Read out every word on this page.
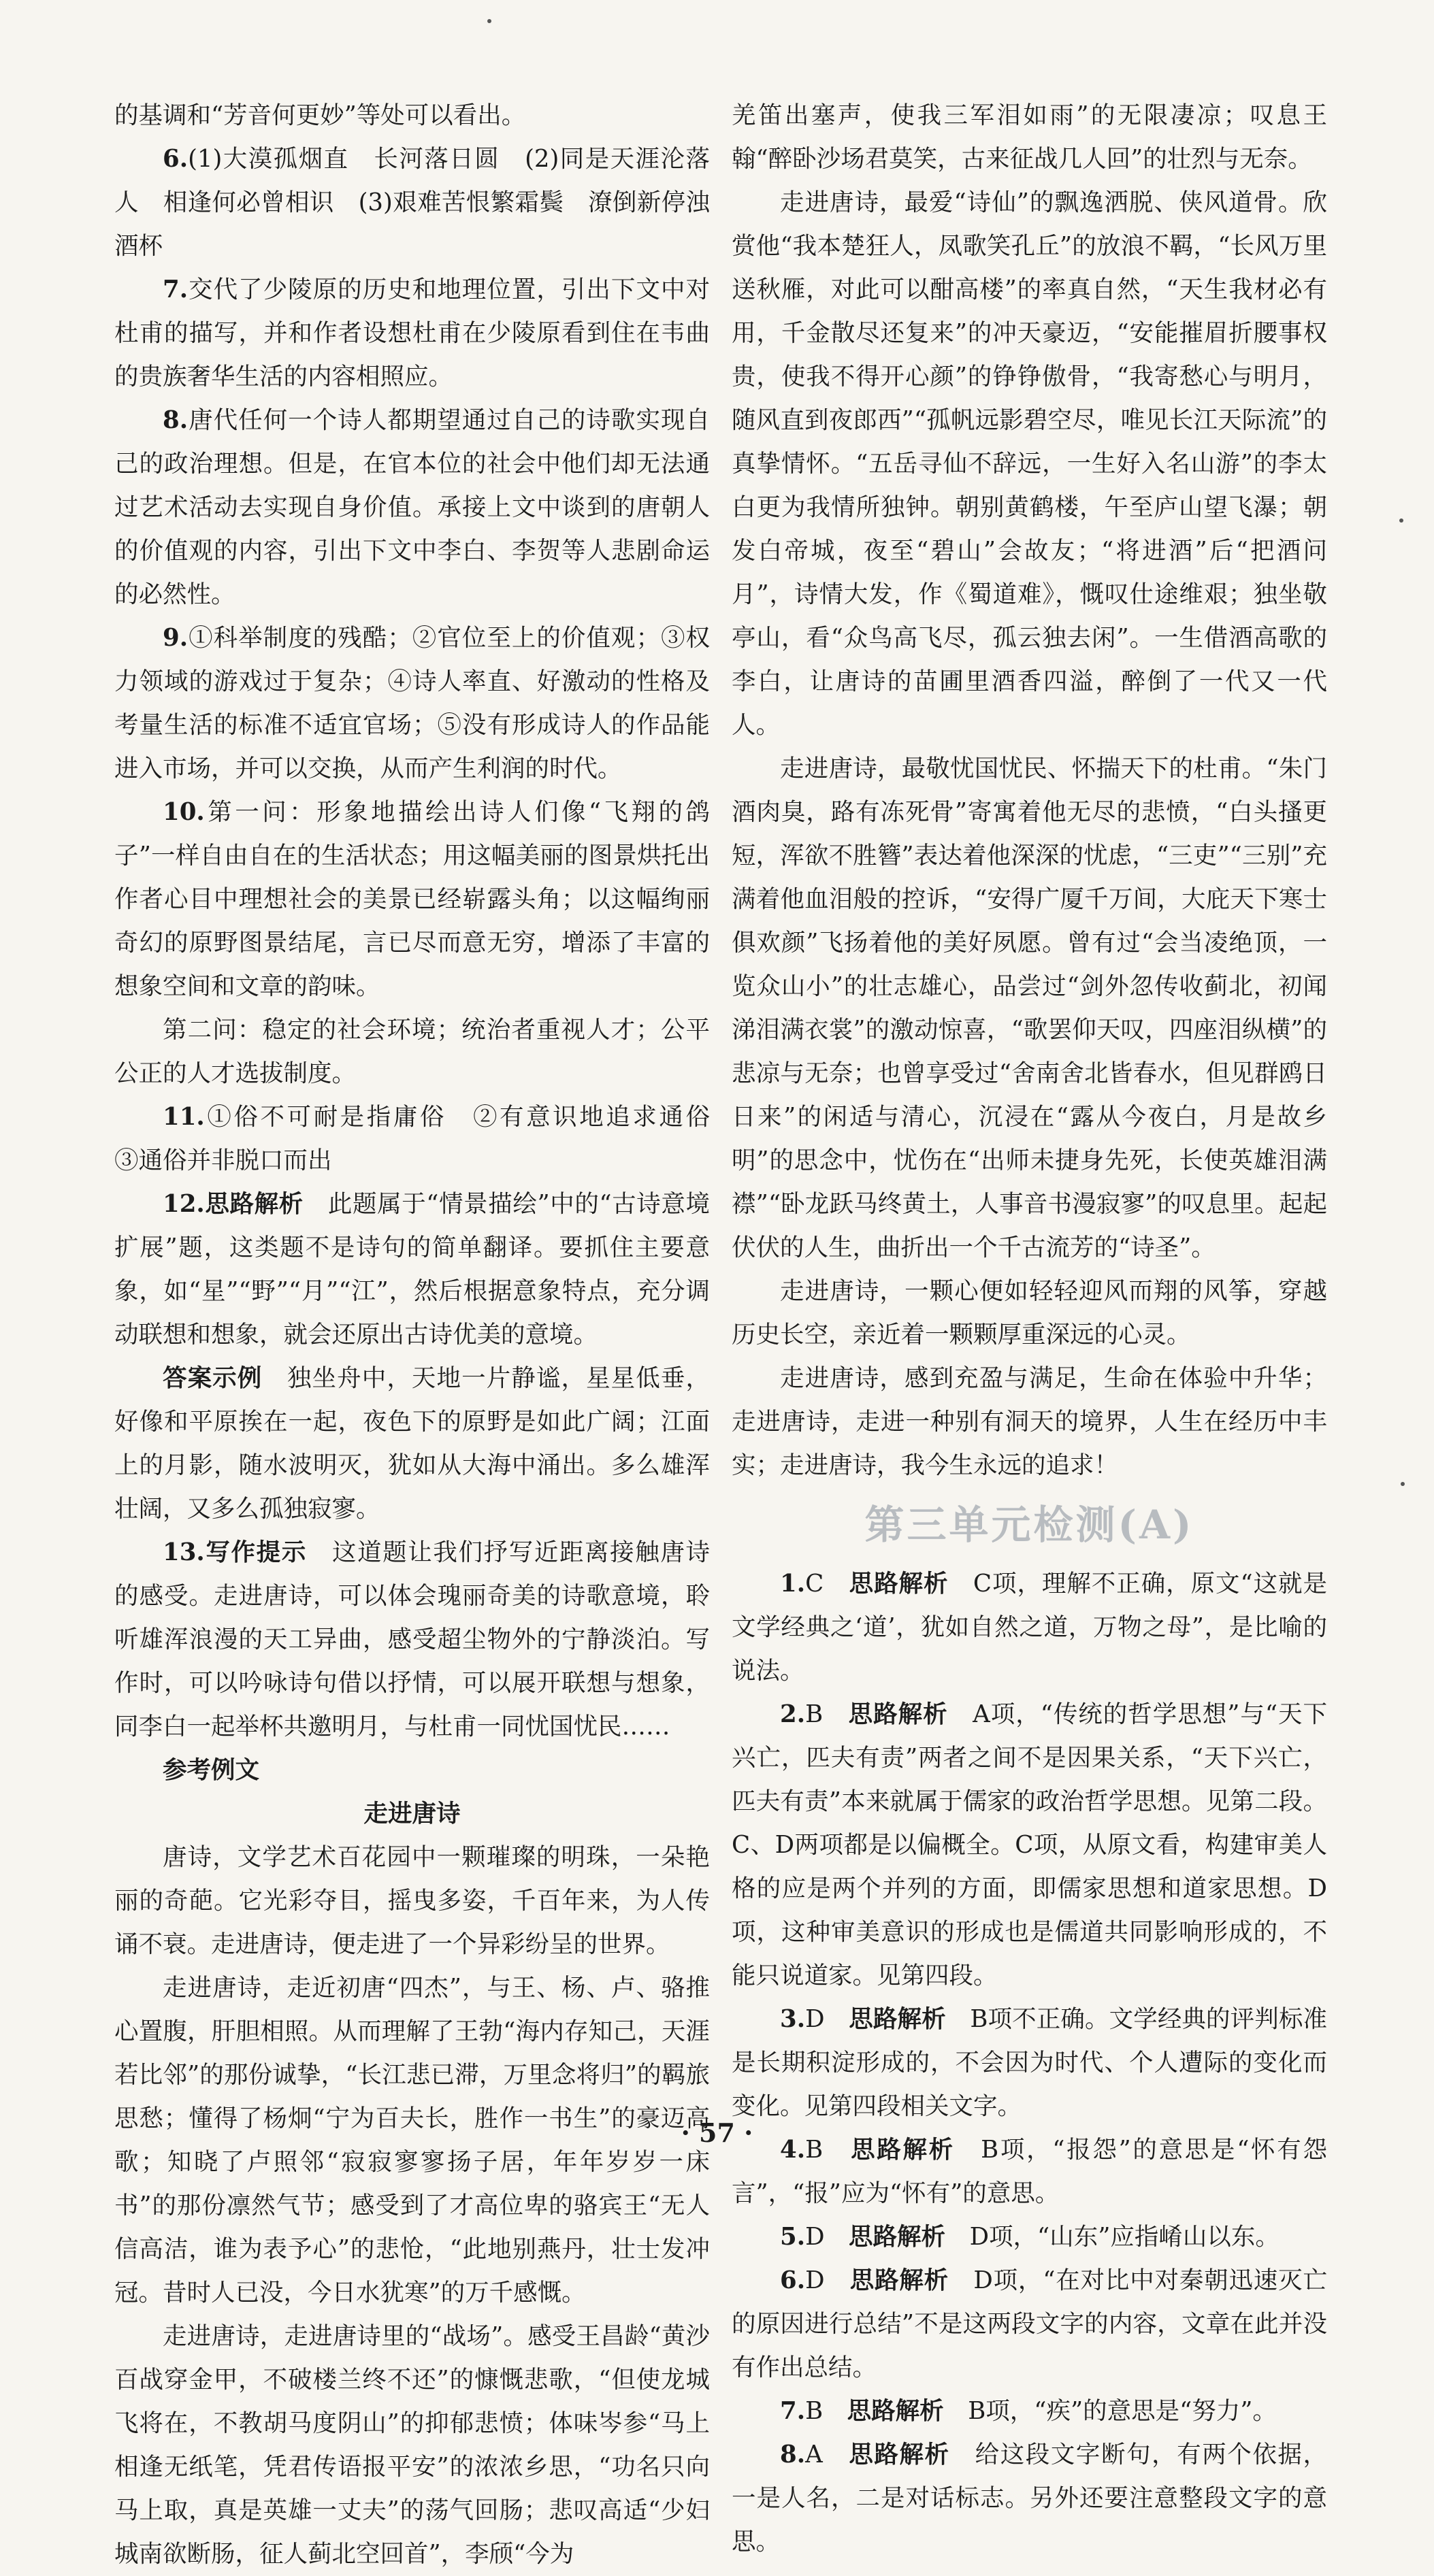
的基调和“芳音何更妙”等处可以看出。

6.(1)大漠孤烟直　长河落日圆　(2)同是天涯沦落人　相逢何必曾相识　(3)艰难苦恨繁霜鬓　潦倒新停浊酒杯

7.交代了少陵原的历史和地理位置，引出下文中对杜甫的描写，并和作者设想杜甫在少陵原看到住在韦曲的贵族奢华生活的内容相照应。

8.唐代任何一个诗人都期望通过自己的诗歌实现自己的政治理想。但是，在官本位的社会中他们却无法通过艺术活动去实现自身价值。承接上文中谈到的唐朝人的价值观的内容，引出下文中李白、李贺等人悲剧命运的必然性。

9.①科举制度的残酷；②官位至上的价值观；③权力领域的游戏过于复杂；④诗人率直、好激动的性格及考量生活的标准不适宜官场；⑤没有形成诗人的作品能进入市场，并可以交换，从而产生利润的时代。

10.第一问：形象地描绘出诗人们像“飞翔的鸽子”一样自由自在的生活状态；用这幅美丽的图景烘托出作者心目中理想社会的美景已经崭露头角；以这幅绚丽奇幻的原野图景结尾，言已尽而意无穷，增添了丰富的想象空间和文章的韵味。

第二问：稳定的社会环境；统治者重视人才；公平公正的人才选拔制度。

11.①俗不可耐是指庸俗　②有意识地追求通俗　③通俗并非脱口而出

12.思路解析　 此题属于“情景描绘”中的“古诗意境扩展”题，这类题不是诗句的简单翻译。要抓住主要意象，如“星”“野”“月”“江”，然后根据意象特点，充分调动联想和想象，就会还原出古诗优美的意境。

答案示例　 独坐舟中，天地一片静谧，星星低垂，好像和平原挨在一起，夜色下的原野是如此广阔；江面上的月影，随水波明灭，犹如从大海中涌出。多么雄浑壮阔，又多么孤独寂寥。

13.写作提示　 这道题让我们抒写近距离接触唐诗的感受。走进唐诗，可以体会瑰丽奇美的诗歌意境，聆听雄浑浪漫的天工异曲，感受超尘物外的宁静淡泊。写作时，可以吟咏诗句借以抒情，可以展开联想与想象，同李白一起举杯共邀明月，与杜甫一同忧国忧民……

参考例文

走进唐诗

唐诗，文学艺术百花园中一颗璀璨的明珠，一朵艳丽的奇葩。它光彩夺目，摇曳多姿，千百年来，为人传诵不衰。走进唐诗，便走进了一个异彩纷呈的世界。

走进唐诗，走近初唐“四杰”，与王、杨、卢、骆推心置腹，肝胆相照。从而理解了王勃“海内存知己，天涯若比邻”的那份诚挚，“长江悲已滞，万里念将归”的羁旅思愁；懂得了杨炯“宁为百夫长，胜作一书生”的豪迈高歌；知晓了卢照邻“寂寂寥寥扬子居，年年岁岁一床书”的那份凛然气节；感受到了才高位卑的骆宾王“无人信高洁，谁为表予心”的悲怆，“此地别燕丹，壮士发冲冠。昔时人已没，今日水犹寒”的万千感慨。

走进唐诗，走进唐诗里的“战场”。感受王昌龄“黄沙百战穿金甲，不破楼兰终不还”的慷慨悲歌，“但使龙城飞将在，不教胡马度阴山”的抑郁悲愤；体味岑参“马上相逢无纸笔，凭君传语报平安”的浓浓乡思，“功名只向马上取，真是英雄一丈夫”的荡气回肠；悲叹高适“少妇城南欲断肠，征人蓟北空回首”，李颀“今为

羌笛出塞声，使我三军泪如雨”的无限凄凉；叹息王翰“醉卧沙场君莫笑，古来征战几人回”的壮烈与无奈。

走进唐诗，最爱“诗仙”的飘逸洒脱、侠风道骨。欣赏他“我本楚狂人，凤歌笑孔丘”的放浪不羁，“长风万里送秋雁，对此可以酣高楼”的率真自然，“天生我材必有用，千金散尽还复来”的冲天豪迈，“安能摧眉折腰事权贵，使我不得开心颜”的铮铮傲骨，“我寄愁心与明月，随风直到夜郎西”“孤帆远影碧空尽，唯见长江天际流”的真挚情怀。“五岳寻仙不辞远，一生好入名山游”的李太白更为我情所独钟。朝别黄鹤楼，午至庐山望飞瀑；朝发白帝城，夜至“碧山”会故友；“将进酒”后“把酒问月”，诗情大发，作《蜀道难》，慨叹仕途维艰；独坐敬亭山，看“众鸟高飞尽，孤云独去闲”。一生借酒高歌的李白，让唐诗的苗圃里酒香四溢，醉倒了一代又一代人。

走进唐诗，最敬忧国忧民、怀揣天下的杜甫。“朱门酒肉臭，路有冻死骨”寄寓着他无尽的悲愤，“白头搔更短，浑欲不胜簪”表达着他深深的忧虑，“三吏”“三别”充满着他血泪般的控诉，“安得广厦千万间，大庇天下寒士俱欢颜”飞扬着他的美好夙愿。曾有过“会当凌绝顶，一览众山小”的壮志雄心，品尝过“剑外忽传收蓟北，初闻涕泪满衣裳”的激动惊喜，“歌罢仰天叹，四座泪纵横”的悲凉与无奈；也曾享受过“舍南舍北皆春水，但见群鸥日日来”的闲适与清心，沉浸在“露从今夜白，月是故乡明”的思念中，忧伤在“出师未捷身先死，长使英雄泪满襟”“卧龙跃马终黄土，人事音书漫寂寥”的叹息里。起起伏伏的人生，曲折出一个千古流芳的“诗圣”。

走进唐诗，一颗心便如轻轻迎风而翔的风筝，穿越历史长空，亲近着一颗颗厚重深远的心灵。

走进唐诗，感到充盈与满足，生命在体验中升华；走进唐诗，走进一种别有洞天的境界，人生在经历中丰实；走进唐诗，我今生永远的追求！

第三单元检测(A)

1.C　 思路解析　 C项，理解不正确，原文“这就是文学经典之‘道’，犹如自然之道，万物之母”，是比喻的说法。

2.B　 思路解析　 A项，“传统的哲学思想”与“天下兴亡，匹夫有责”两者之间不是因果关系，“天下兴亡，匹夫有责”本来就属于儒家的政治哲学思想。见第二段。C、D两项都是以偏概全。C项，从原文看，构建审美人格的应是两个并列的方面，即儒家思想和道家思想。D项，这种审美意识的形成也是儒道共同影响形成的，不能只说道家。见第四段。

3.D　 思路解析　 B项不正确。文学经典的评判标准是长期积淀形成的，不会因为时代、个人遭际的变化而变化。见第四段相关文字。

4.B　 思路解析　 B项，“报怨”的意思是“怀有怨言”，“报”应为“怀有”的意思。

5.D　 思路解析　 D项，“山东”应指崤山以东。

6.D　 思路解析　 D项，“在对比中对秦朝迅速灭亡的原因进行总结”不是这两段文字的内容，文章在此并没有作出总结。

7.B　 思路解析　 B项，“疾”的意思是“努力”。

8.A　 思路解析　 给这段文字断句，有两个依据，一是人名，二是对话标志。另外还要注意整段文字的意思。

· 57 ·
